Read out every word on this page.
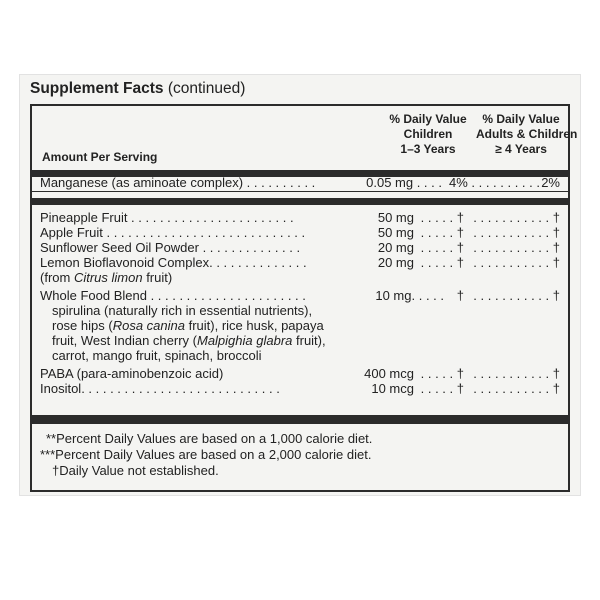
Supplement Facts (continued)
% Daily Value
Children
1–3 Years
% Daily Value
Adults & Children
≥ 4 Years
Amount Per Serving
Manganese (as aminoate complex) . . . . . . . . . .	0.05 mg . . . . 4% . . . . . . . . . . 2%
Pineapple Fruit . . . . . . . . . . . . . . . . . . . . . . .	50 mg . . . . . † . . . . . . . . . . . †
Apple Fruit . . . . . . . . . . . . . . . . . . . . . . . . . . . .	50 mg . . . . . † . . . . . . . . . . . †
Sunflower Seed Oil Powder . . . . . . . . . . . . . .	20 mg . . . . . † . . . . . . . . . . . †
Lemon Bioflavonoid Complex. . . . . . . . . . . . . .	20 mg . . . . . † . . . . . . . . . . . †
(from Citrus limon fruit)
Whole Food Blend . . . . . . . . . . . . . . . . . . . . . .	10 mg. . . . . † . . . . . . . . . . . †
spirulina (naturally rich in essential nutrients),
rose hips (Rosa canina fruit), rice husk, papaya
fruit, West Indian cherry (Malpighia glabra fruit),
carrot, mango fruit, spinach, broccoli
PABA (para-aminobenzoic acid)	400 mcg . . . . . † . . . . . . . . . . . †
Inositol. . . . . . . . . . . . . . . . . . . . . . . . . . . .	10 mcg . . . . . † . . . . . . . . . . . †
**Percent Daily Values are based on a 1,000 calorie diet.
***Percent Daily Values are based on a 2,000 calorie diet.
†Daily Value not established.
